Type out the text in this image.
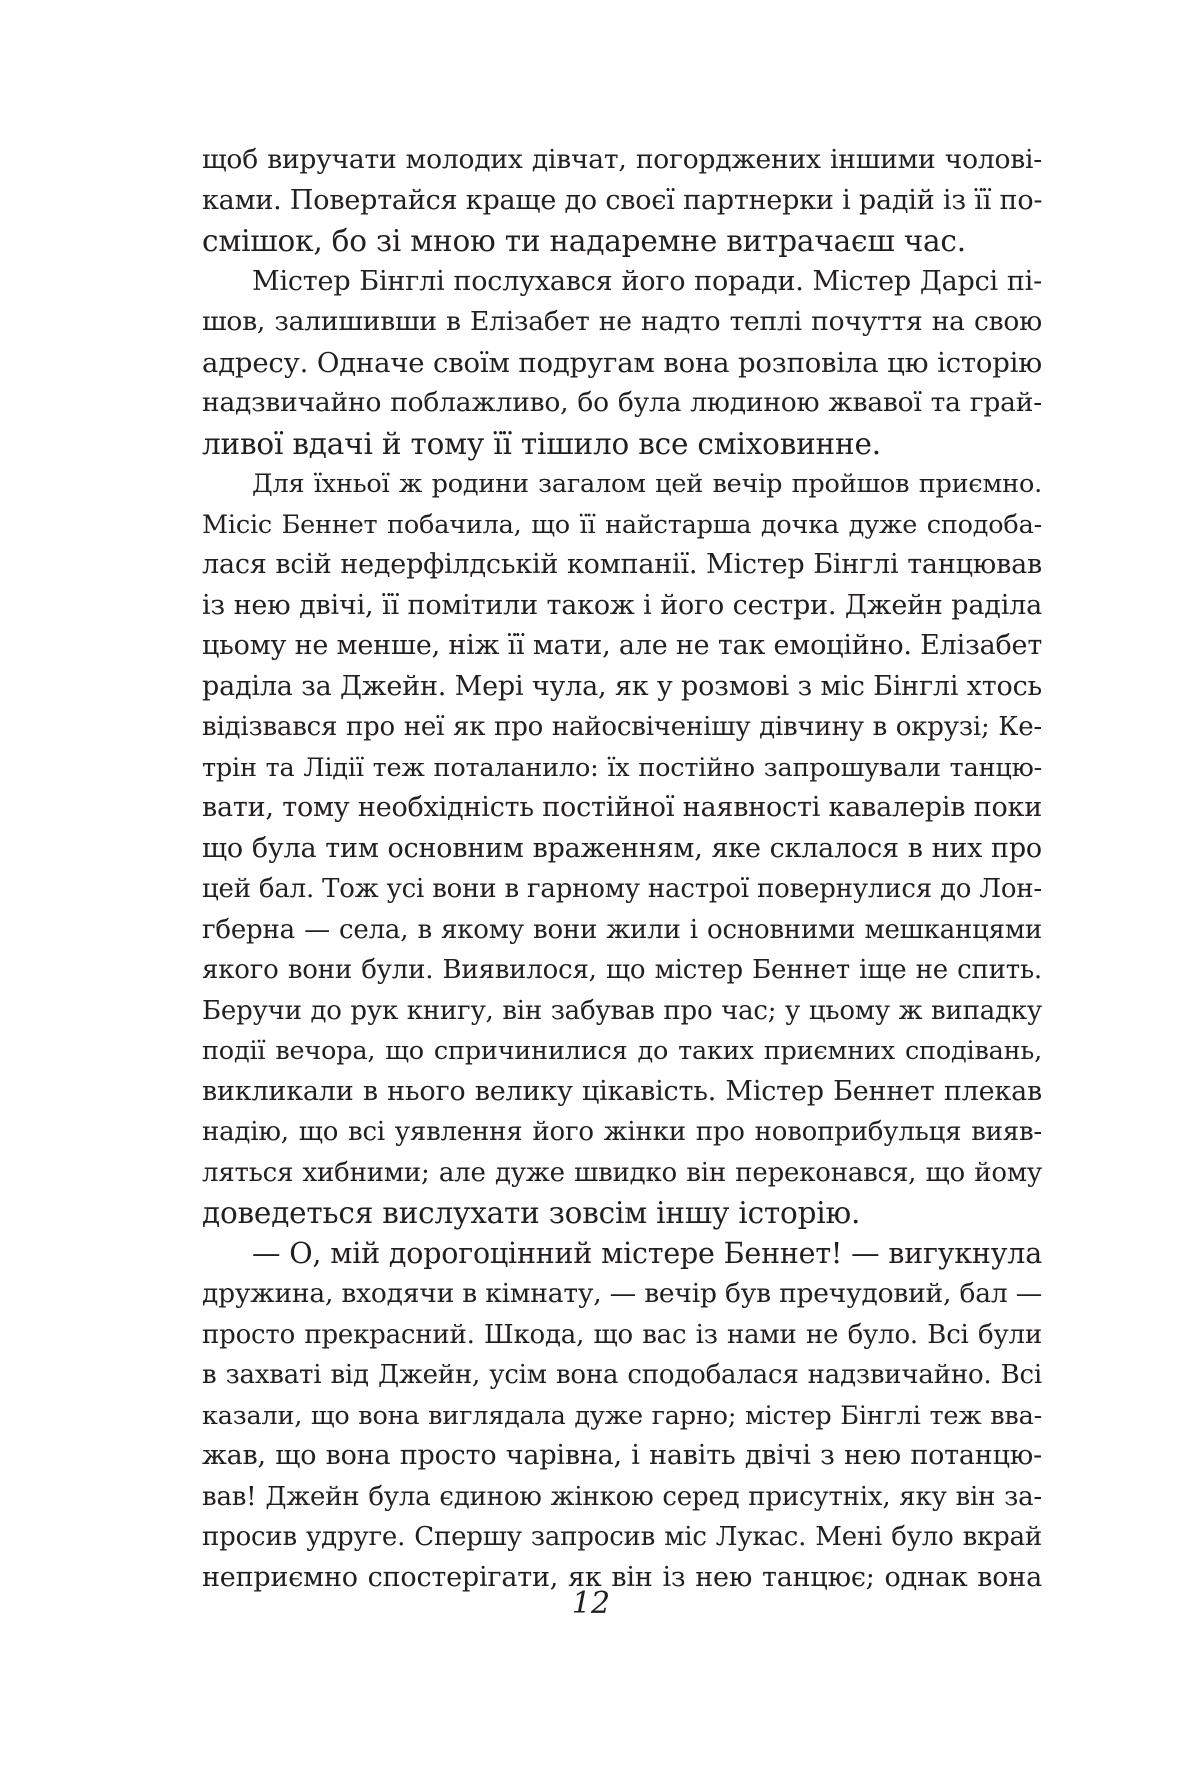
щоб виручати молодих дівчат, погорджених іншими чолові-
ками. Повертайся краще до своєї партнерки і радій із її по-
смішок, бо зі мною ти надаремне витрачаєш час.
Містер Бінглі послухався його поради. Містер Дарсі пі-
шов, залишивши в Елізабет не надто теплі почуття на свою
адресу. Одначе своїм подругам вона розповіла цю історію
надзвичайно поблажливо, бо була людиною жвавої та грай-
ливої вдачі й тому її тішило все сміховинне.
Для їхньої ж родини загалом цей вечір пройшов приємно.
Місіс Беннет побачила, що її найстарша дочка дуже сподоба-
лася всій недерфілдській компанії. Містер Бінглі танцював
із нею двічі, її помітили також і його сестри. Джейн раділа
цьому не менше, ніж її мати, але не так емоційно. Елізабет
раділа за Джейн. Мері чула, як у розмові з міс Бінглі хтось
відізвався про неї як про найосвіченішу дівчину в окрузі; Ке-
трін та Лідії теж поталанило: їх постійно запрошували танцю-
вати, тому необхідність постійної наявності кавалерів поки
що була тим основним враженням, яке склалося в них про
цей бал. Тож усі вони в гарному настрої повернулися до Лон-
гберна — села, в якому вони жили і основними мешканцями
якого вони були. Виявилося, що містер Беннет іще не спить.
Беручи до рук книгу, він забував про час; у цьому ж випадку
події вечора, що спричинилися до таких приємних сподівань,
викликали в нього велику цікавість. Містер Беннет плекав
надію, що всі уявлення його жінки про новоприбульця вияв-
ляться хибними; але дуже швидко він переконався, що йому
доведеться вислухати зовсім іншу історію.
— О, мій дорогоцінний містере Беннет! — вигукнула
дружина, входячи в кімнату, — вечір був пречудовий, бал —
просто прекрасний. Шкода, що вас із нами не було. Всі були
в захваті від Джейн, усім вона сподобалася надзвичайно. Всі
казали, що вона виглядала дуже гарно; містер Бінглі теж вва-
жав, що вона просто чарівна, і навіть двічі з нею потанцю-
вав! Джейн була єдиною жінкою серед присутніх, яку він за-
просив удруге. Спершу запросив міс Лукас. Мені було вкрай
неприємно спостерігати, як він із нею танцює; однак вона
12
